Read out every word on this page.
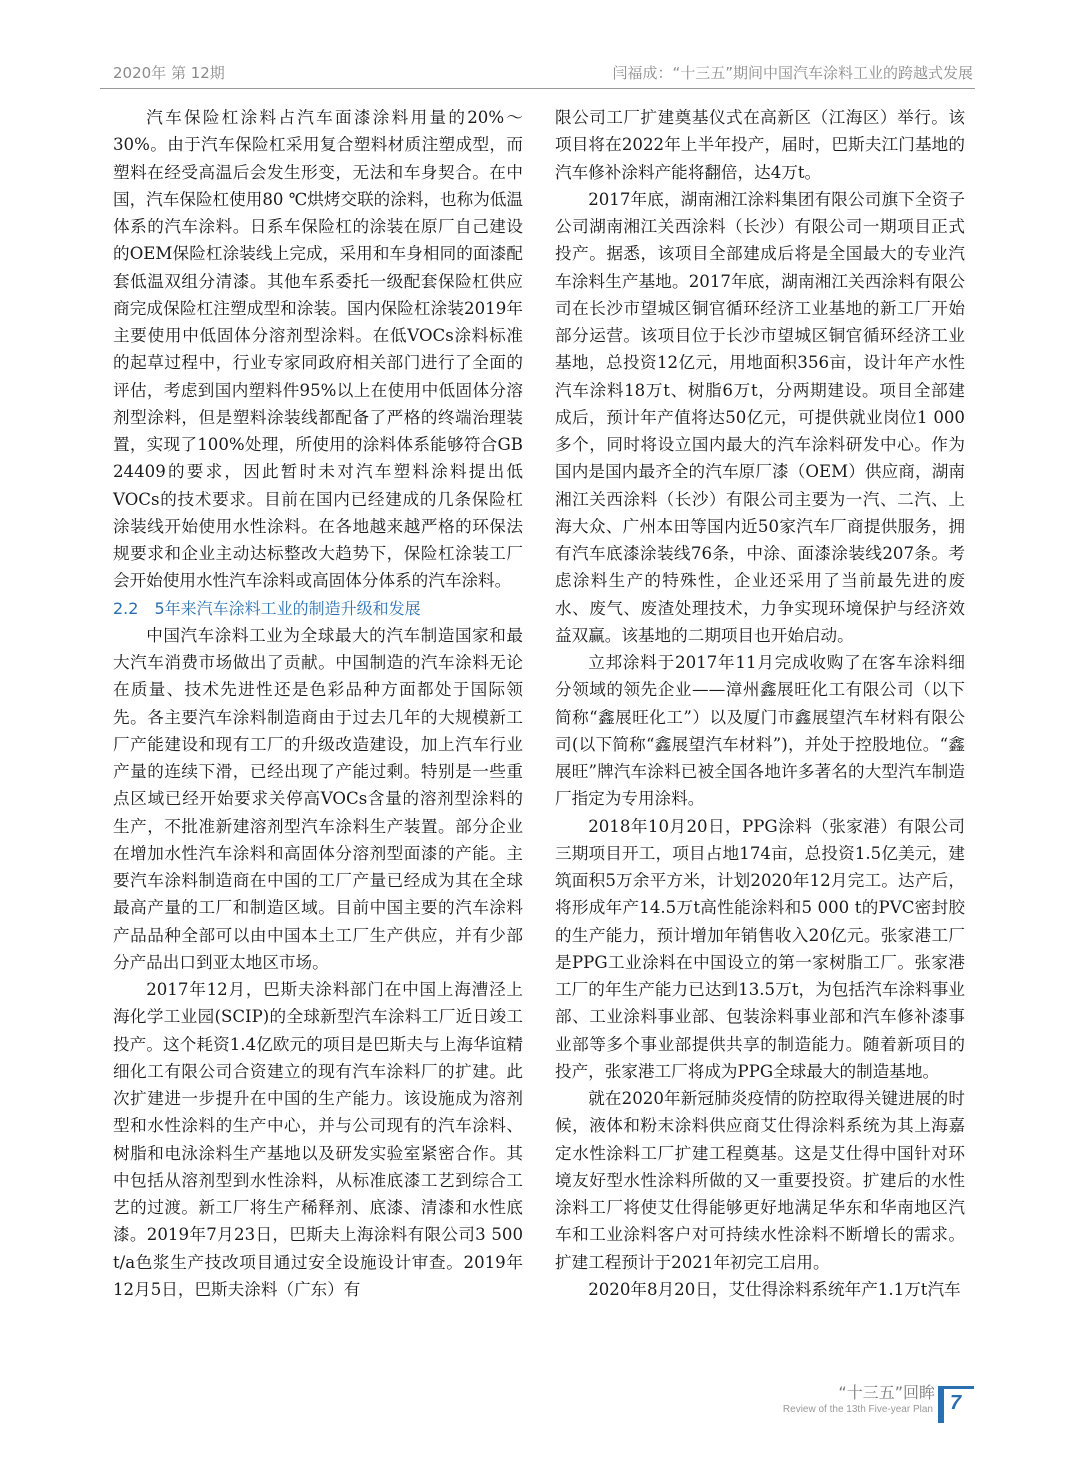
2020年 第 12期	闫福成：“十三五”期间中国汽车涂料工业的跨越式发展

汽车保险杠涂料占汽车面漆涂料用量的20%～30%。由于汽车保险杠采用复合塑料材质注塑成型，而塑料在经受高温后会发生形变，无法和车身契合。在中国，汽车保险杠使用80 ℃烘烤交联的涂料，也称为低温体系的汽车涂料。日系车保险杠的涂装在原厂自己建设的OEM保险杠涂装线上完成，采用和车身相同的面漆配套低温双组分清漆。其他车系委托一级配套保险杠供应商完成保险杠注塑成型和涂装。国内保险杠涂装2019年主要使用中低固体分溶剂型涂料。在低VOCs涂料标准的起草过程中，行业专家同政府相关部门进行了全面的评估，考虑到国内塑料件95%以上在使用中低固体分溶剂型涂料，但是塑料涂装线都配备了严格的终端治理装置，实现了100%处理，所使用的涂料体系能够符合GB 24409的要求，因此暂时未对汽车塑料涂料提出低VOCs的技术要求。目前在国内已经建成的几条保险杠涂装线开始使用水性涂料。在各地越来越严格的环保法规要求和企业主动达标整改大趋势下，保险杠涂装工厂会开始使用水性汽车涂料或高固体分体系的汽车涂料。

2.2　5年来汽车涂料工业的制造升级和发展

中国汽车涂料工业为全球最大的汽车制造国家和最大汽车消费市场做出了贡献。中国制造的汽车涂料无论在质量、技术先进性还是色彩品种方面都处于国际领先。各主要汽车涂料制造商由于过去几年的大规模新工厂产能建设和现有工厂的升级改造建设，加上汽车行业产量的连续下滑，已经出现了产能过剩。特别是一些重点区域已经开始要求关停高VOCs含量的溶剂型涂料的生产，不批准新建溶剂型汽车涂料生产装置。部分企业在增加水性汽车涂料和高固体分溶剂型面漆的产能。主要汽车涂料制造商在中国的工厂产量已经成为其在全球最高产量的工厂和制造区域。目前中国主要的汽车涂料产品品种全部可以由中国本土工厂生产供应，并有少部分产品出口到亚太地区市场。

2017年12月，巴斯夫涂料部门在中国上海漕泾上海化学工业园(SCIP)的全球新型汽车涂料工厂近日竣工投产。这个耗资1.4亿欧元的项目是巴斯夫与上海华谊精细化工有限公司合资建立的现有汽车涂料厂的扩建。此次扩建进一步提升在中国的生产能力。该设施成为溶剂型和水性涂料的生产中心，并与公司现有的汽车涂料、树脂和电泳涂料生产基地以及研发实验室紧密合作。其中包括从溶剂型到水性涂料，从标准底漆工艺到综合工艺的过渡。新工厂将生产稀释剂、底漆、清漆和水性底漆。2019年7月23日，巴斯夫上海涂料有限公司3 500 t/a色浆生产技改项目通过安全设施设计审查。2019年12月5日，巴斯夫涂料（广东）有

限公司工厂扩建奠基仪式在高新区（江海区）举行。该项目将在2022年上半年投产，届时，巴斯夫江门基地的汽车修补涂料产能将翻倍，达4万t。

2017年底，湖南湘江涂料集团有限公司旗下全资子公司湖南湘江关西涂料（长沙）有限公司一期项目正式投产。据悉，该项目全部建成后将是全国最大的专业汽车涂料生产基地。2017年底，湖南湘江关西涂料有限公司在长沙市望城区铜官循环经济工业基地的新工厂开始部分运营。该项目位于长沙市望城区铜官循环经济工业基地，总投资12亿元，用地面积356亩，设计年产水性汽车涂料18万t、树脂6万t，分两期建设。项目全部建成后，预计年产值将达50亿元，可提供就业岗位1 000多个，同时将设立国内最大的汽车涂料研发中心。作为国内是国内最齐全的汽车原厂漆（OEM）供应商，湖南湘江关西涂料（长沙）有限公司主要为一汽、二汽、上海大众、广州本田等国内近50家汽车厂商提供服务，拥有汽车底漆涂装线76条，中涂、面漆涂装线207条。考虑涂料生产的特殊性，企业还采用了当前最先进的废水、废气、废渣处理技术，力争实现环境保护与经济效益双赢。该基地的二期项目也开始启动。

立邦涂料于2017年11月完成收购了在客车涂料细分领域的领先企业——漳州鑫展旺化工有限公司（以下简称“鑫展旺化工”）以及厦门市鑫展望汽车材料有限公司(以下简称“鑫展望汽车材料”)，并处于控股地位。“鑫展旺”牌汽车涂料已被全国各地许多著名的大型汽车制造厂指定为专用涂料。

2018年10月20日，PPG涂料（张家港）有限公司三期项目开工，项目占地174亩，总投资1.5亿美元，建筑面积5万余平方米，计划2020年12月完工。达产后，将形成年产14.5万t高性能涂料和5 000 t的PVC密封胶的生产能力，预计增加年销售收入20亿元。张家港工厂是PPG工业涂料在中国设立的第一家树脂工厂。张家港工厂的年生产能力已达到13.5万t，为包括汽车涂料事业部、工业涂料事业部、包装涂料事业部和汽车修补漆事业部等多个事业部提供共享的制造能力。随着新项目的投产，张家港工厂将成为PPG全球最大的制造基地。

就在2020年新冠肺炎疫情的防控取得关键进展的时候，液体和粉末涂料供应商艾仕得涂料系统为其上海嘉定水性涂料工厂扩建工程奠基。这是艾仕得中国针对环境友好型水性涂料所做的又一重要投资。扩建后的水性涂料工厂将使艾仕得能够更好地满足华东和华南地区汽车和工业涂料客户对可持续水性涂料不断增长的需求。扩建工程预计于2021年初完工启用。

2020年8月20日，艾仕得涂料系统年产1.1万t汽车

“十三五”回眸
Review of the 13th Five-year Plan 7
